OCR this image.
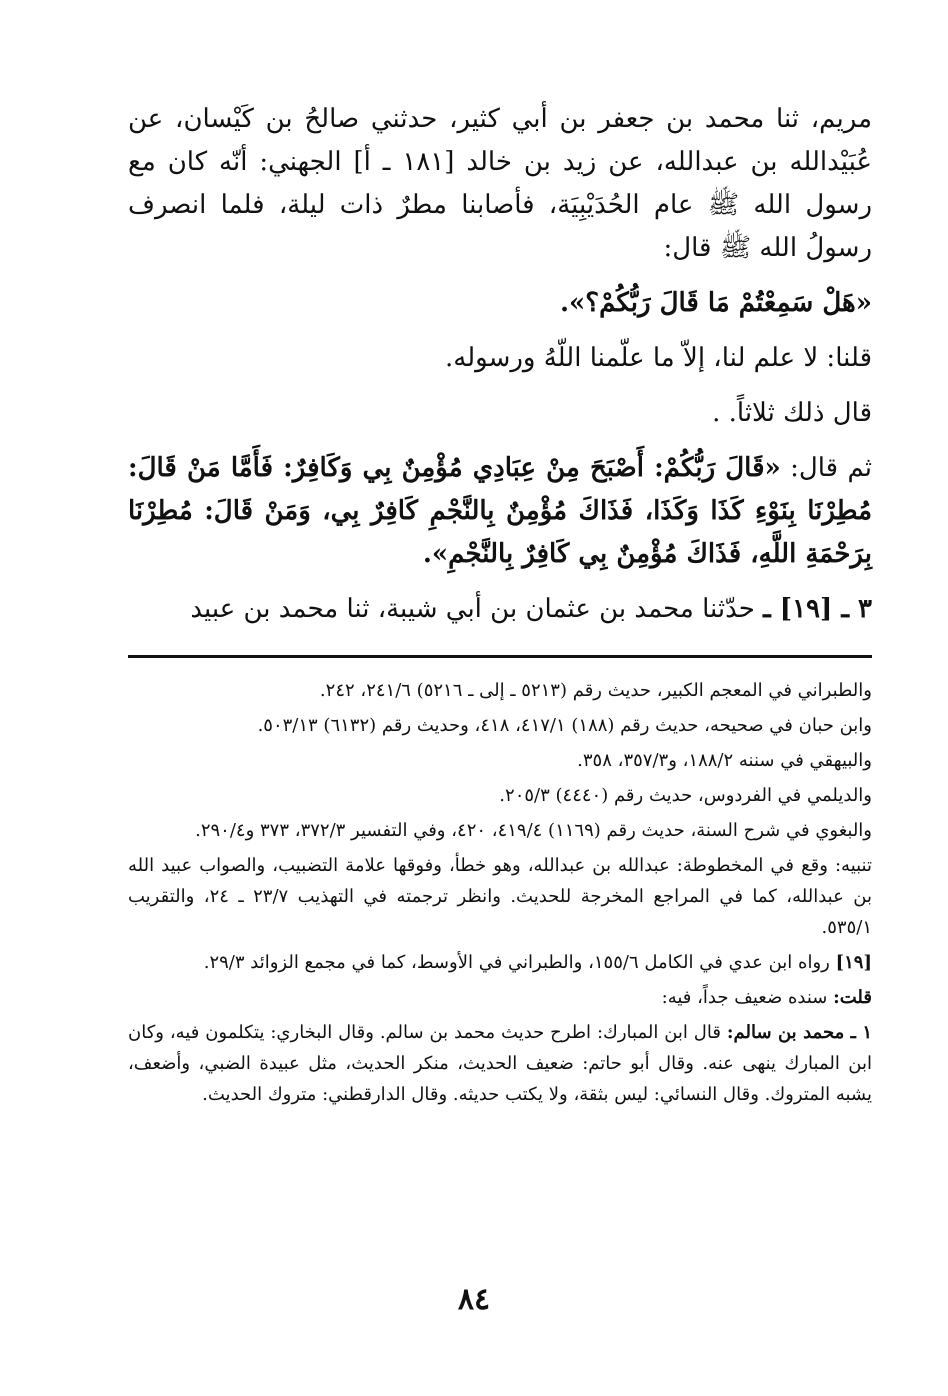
مريم، ثنا محمد بن جعفر بن أبي كثير، حدثني صالحُ بن كَيْسان، عن عُبَيْدالله بن عبدالله، عن زيد بن خالد [١٨١ ـ أ] الجهني: أنّه كان مع رسول الله ﷺ عام الحُدَيْبِيَة، فأصابنا مطرٌ ذات ليلة، فلما انصرف رسولُ الله ﷺ قال:

«هَلْ سَمِعْتُمْ مَا قَالَ رَبُّكُمْ؟».

قلنا: لا علم لنا، إلاّ ما علّمنا اللّهُ ورسوله.

قال ذلك ثلاثاً. .

ثم قال: «قَالَ رَبُّكُمْ: أَصْبَحَ مِنْ عِبَادِي مُؤْمِنٌ بِي وَكَافِرٌ: فَأَمَّا مَنْ قَالَ: مُطِرْنَا بِنَوْءِ كَذَا وَكَذَا، فَذَاكَ مُؤْمِنٌ بِالنَّجْمِ كَافِرٌ بِي، وَمَنْ قَالَ: مُطِرْنَا بِرَحْمَةِ اللَّهِ، فَذَاكَ مُؤْمِنٌ بِي كَافِرٌ بِالنَّجْمِ».

٣ ـ [١٩] ـ حدّثنا محمد بن عثمان بن أبي شيبة، ثنا محمد بن عبيد

والطبراني في المعجم الكبير، حديث رقم (٥٢١٣ ـ إلى ـ ٥٢١٦) ٢٤١/٦، ٢٤٢.

وابن حبان في صحيحه، حديث رقم (١٨٨) ٤١٧/١، ٤١٨، وحديث رقم (٦١٣٢) ٥٠٣/١٣.

والبيهقي في سننه ١٨٨/٢، و٣٥٧/٣، ٣٥٨.

والديلمي في الفردوس، حديث رقم (٤٤٤٠) ٢٠٥/٣.

والبغوي في شرح السنة، حديث رقم (١١٦٩) ٤١٩/٤، ٤٢٠، وفي التفسير ٣٧٢/٣، ٣٧٣ و٢٩٠/٤.

تنبيه: وقع في المخطوطة: عبدالله بن عبدالله، وهو خطأ، وفوقها علامة التضبيب، والصواب عبيد الله بن عبدالله، كما في المراجع المخرجة للحديث. وانظر ترجمته في التهذيب ٢٣/٧ ـ ٢٤، والتقريب ٥٣٥/١.

[١٩] رواه ابن عدي في الكامل ١٥٥/٦، والطبراني في الأوسط، كما في مجمع الزوائد ٢٩/٣.

قلت: سنده ضعيف جداً، فيه:

١ ـ محمد بن سالم: قال ابن المبارك: اطرح حديث محمد بن سالم. وقال البخاري: يتكلمون فيه، وكان ابن المبارك ينهى عنه. وقال أبو حاتم: ضعيف الحديث، منكر الحديث، مثل عبيدة الضبي، وأضعف، يشبه المتروك. وقال النسائي: ليس بثقة، ولا يكتب حديثه. وقال الدارقطني: متروك الحديث.

٨٤
